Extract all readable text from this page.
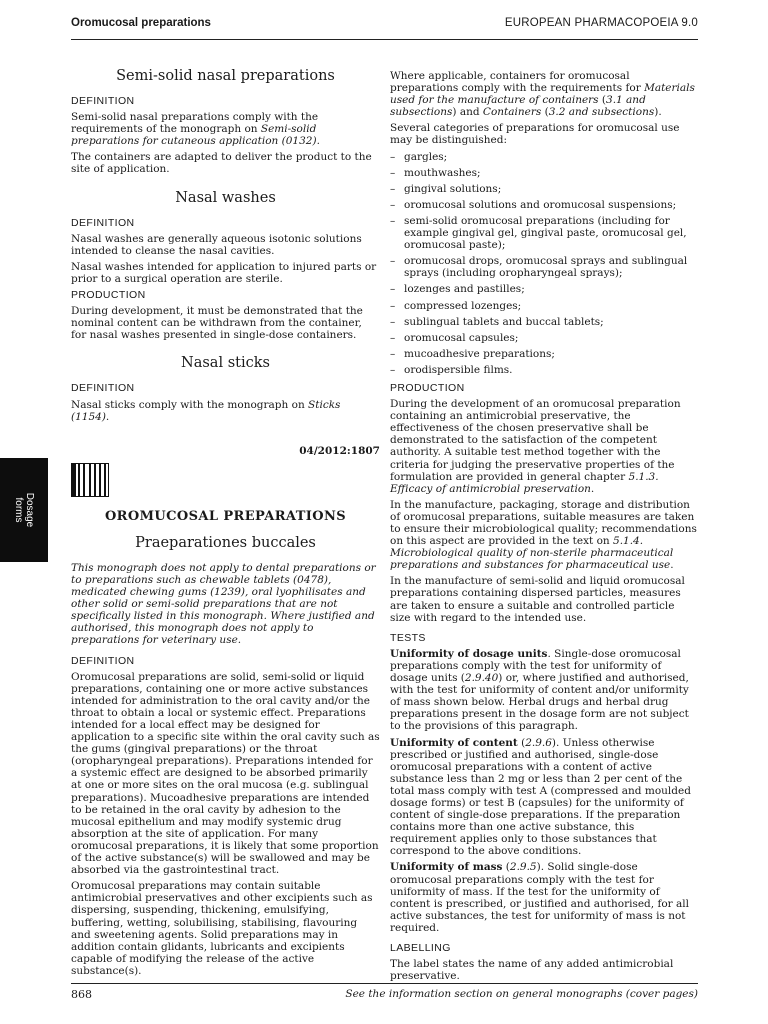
Oromucosal preparations	EUROPEAN PHARMACOPOEIA 9.0
Dosage
forms
Semi-solid nasal preparations
DEFINITION

Semi-solid nasal preparations comply with the requirements of the monograph on Semi-solid preparations for cutaneous application (0132).

The containers are adapted to deliver the product to the site of application.

Nasal washes
DEFINITION

Nasal washes are generally aqueous isotonic solutions intended to cleanse the nasal cavities.

Nasal washes intended for application to injured parts or prior to a surgical operation are sterile.

PRODUCTION

During development, it must be demonstrated that the nominal content can be withdrawn from the container, for nasal washes presented in single-dose containers.

Nasal sticks
DEFINITION

Nasal sticks comply with the monograph on Sticks (1154).

04/2012:1807
OROMUCOSAL PREPARATIONS
Praeparationes buccales

This monograph does not apply to dental preparations or to preparations such as chewable tablets (0478), medicated chewing gums (1239), oral lyophilisates and other solid or semi-solid preparations that are not specifically listed in this monograph. Where justified and authorised, this monograph does not apply to preparations for veterinary use.

DEFINITION

Oromucosal preparations are solid, semi-solid or liquid preparations, containing one or more active substances intended for administration to the oral cavity and/or the throat to obtain a local or systemic effect. Preparations intended for a local effect may be designed for application to a specific site within the oral cavity such as the gums (gingival preparations) or the throat (oropharyngeal preparations). Preparations intended for a systemic effect are designed to be absorbed primarily at one or more sites on the oral mucosa (e.g. sublingual preparations). Mucoadhesive preparations are intended to be retained in the oral cavity by adhesion to the mucosal epithelium and may modify systemic drug absorption at the site of application. For many oromucosal preparations, it is likely that some proportion of the active substance(s) will be swallowed and may be absorbed via the gastrointestinal tract.

Oromucosal preparations may contain suitable antimicrobial preservatives and other excipients such as dispersing, suspending, thickening, emulsifying, buffering, wetting, solubilising, stabilising, flavouring and sweetening agents. Solid preparations may in addition contain glidants, lubricants and excipients capable of modifying the release of the active substance(s).

Where applicable, containers for oromucosal preparations comply with the requirements for Materials used for the manufacture of containers (3.1 and subsections) and Containers (3.2 and subsections).

Several categories of preparations for oromucosal use may be distinguished:

– gargles;
– mouthwashes;
– gingival solutions;
– oromucosal solutions and oromucosal suspensions;
– semi-solid oromucosal preparations (including for example gingival gel, gingival paste, oromucosal gel, oromucosal paste);
– oromucosal drops, oromucosal sprays and sublingual sprays (including oropharyngeal sprays);
– lozenges and pastilles;
– compressed lozenges;
– sublingual tablets and buccal tablets;
– oromucosal capsules;
– mucoadhesive preparations;
– orodispersible films.
PRODUCTION

During the development of an oromucosal preparation containing an antimicrobial preservative, the effectiveness of the chosen preservative shall be demonstrated to the satisfaction of the competent authority. A suitable test method together with the criteria for judging the preservative properties of the formulation are provided in general chapter 5.1.3. Efficacy of antimicrobial preservation.

In the manufacture, packaging, storage and distribution of oromucosal preparations, suitable measures are taken to ensure their microbiological quality; recommendations on this aspect are provided in the text on 5.1.4. Microbiological quality of non-sterile pharmaceutical preparations and substances for pharmaceutical use.

In the manufacture of semi-solid and liquid oromucosal preparations containing dispersed particles, measures are taken to ensure a suitable and controlled particle size with regard to the intended use.

TESTS

Uniformity of dosage units. Single-dose oromucosal preparations comply with the test for uniformity of dosage units (2.9.40) or, where justified and authorised, with the test for uniformity of content and/or uniformity of mass shown below. Herbal drugs and herbal drug preparations present in the dosage form are not subject to the provisions of this paragraph.

Uniformity of content (2.9.6). Unless otherwise prescribed or justified and authorised, single-dose oromucosal preparations with a content of active substance less than 2 mg or less than 2 per cent of the total mass comply with test A (compressed and moulded dosage forms) or test B (capsules) for the uniformity of content of single-dose preparations. If the preparation contains more than one active substance, this requirement applies only to those substances that correspond to the above conditions.

Uniformity of mass (2.9.5). Solid single-dose oromucosal preparations comply with the test for uniformity of mass. If the test for the uniformity of content is prescribed, or justified and authorised, for all active substances, the test for uniformity of mass is not required.

LABELLING

The label states the name of any added antimicrobial preservative.

868	See the information section on general monographs (cover pages)
